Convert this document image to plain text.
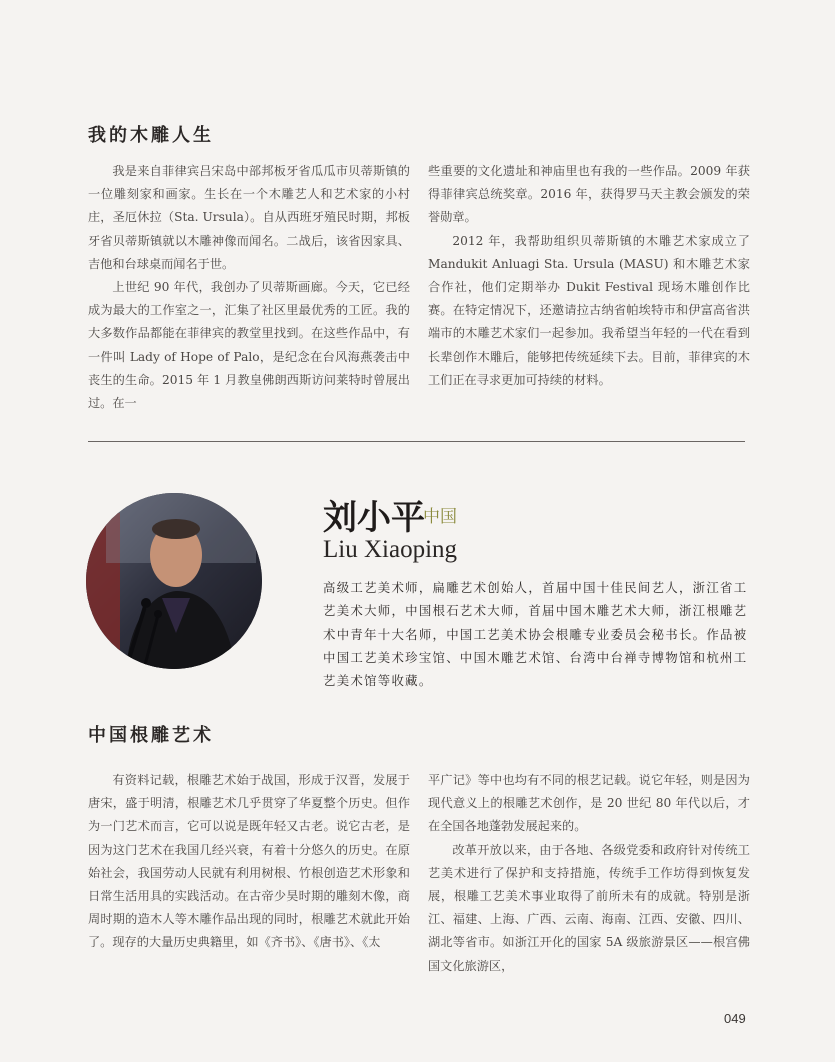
我的木雕人生

我是来自菲律宾吕宋岛中部邦板牙省瓜瓜市贝蒂斯镇的一位雕刻家和画家。生长在一个木雕艺人和艺术家的小村庄，圣厄休拉（Sta. Ursula）。自从西班牙殖民时期，邦板牙省贝蒂斯镇就以木雕神像而闻名。二战后，该省因家具、吉他和台球桌而闻名于世。

上世纪 90 年代，我创办了贝蒂斯画廊。今天，它已经成为最大的工作室之一，汇集了社区里最优秀的工匠。我的大多数作品都能在菲律宾的教堂里找到。在这些作品中，有一件叫 Lady of Hope of Palo，是纪念在台风海燕袭击中丧生的生命。2015 年 1 月教皇佛朗西斯访问莱特时曾展出过。在一

些重要的文化遗址和神庙里也有我的一些作品。2009 年获得菲律宾总统奖章。2016 年，获得罗马天主教会颁发的荣誉勋章。

2012 年，我帮助组织贝蒂斯镇的木雕艺术家成立了 Mandukit Anluagi Sta. Ursula (MASU) 和木雕艺术家合作社，他们定期举办 Dukit Festival 现场木雕创作比赛。在特定情况下，还邀请拉古纳省帕埃特市和伊富高省洪端市的木雕艺术家们一起参加。我希望当年轻的一代在看到长辈创作木雕后，能够把传统延续下去。目前，菲律宾的木工们正在寻求更加可持续的材料。

刘小平
中国
Liu Xiaoping
高级工艺美术师，扁雕艺术创始人，首届中国十佳民间艺人，浙江省工艺美术大师，中国根石艺术大师，首届中国木雕艺术大师，浙江根雕艺术中青年十大名师，中国工艺美术协会根雕专业委员会秘书长。作品被中国工艺美术珍宝馆、中国木雕艺术馆、台湾中台禅寺博物馆和杭州工艺美术馆等收藏。
中国根雕艺术

有资料记载，根雕艺术始于战国，形成于汉晋，发展于唐宋，盛于明清，根雕艺术几乎贯穿了华夏整个历史。但作为一门艺术而言，它可以说是既年轻又古老。说它古老，是因为这门艺术在我国几经兴衰，有着十分悠久的历史。在原始社会，我国劳动人民就有利用树根、竹根创造艺术形象和日常生活用具的实践活动。在古帝少昊时期的雕刻木像，商周时期的造木人等木雕作品出现的同时，根雕艺术就此开始了。现存的大量历史典籍里，如《齐书》、《唐书》、《太

平广记》等中也均有不同的根艺记载。说它年轻，则是因为现代意义上的根雕艺术创作，是 20 世纪 80 年代以后，才在全国各地蓬勃发展起来的。

改革开放以来，由于各地、各级党委和政府针对传统工艺美术进行了保护和支持措施，传统手工作坊得到恢复发展，根雕工艺美术事业取得了前所未有的成就。特别是浙江、福建、上海、广西、云南、海南、江西、安徽、四川、湖北等省市。如浙江开化的国家 5A 级旅游景区——根宫佛国文化旅游区，

049
